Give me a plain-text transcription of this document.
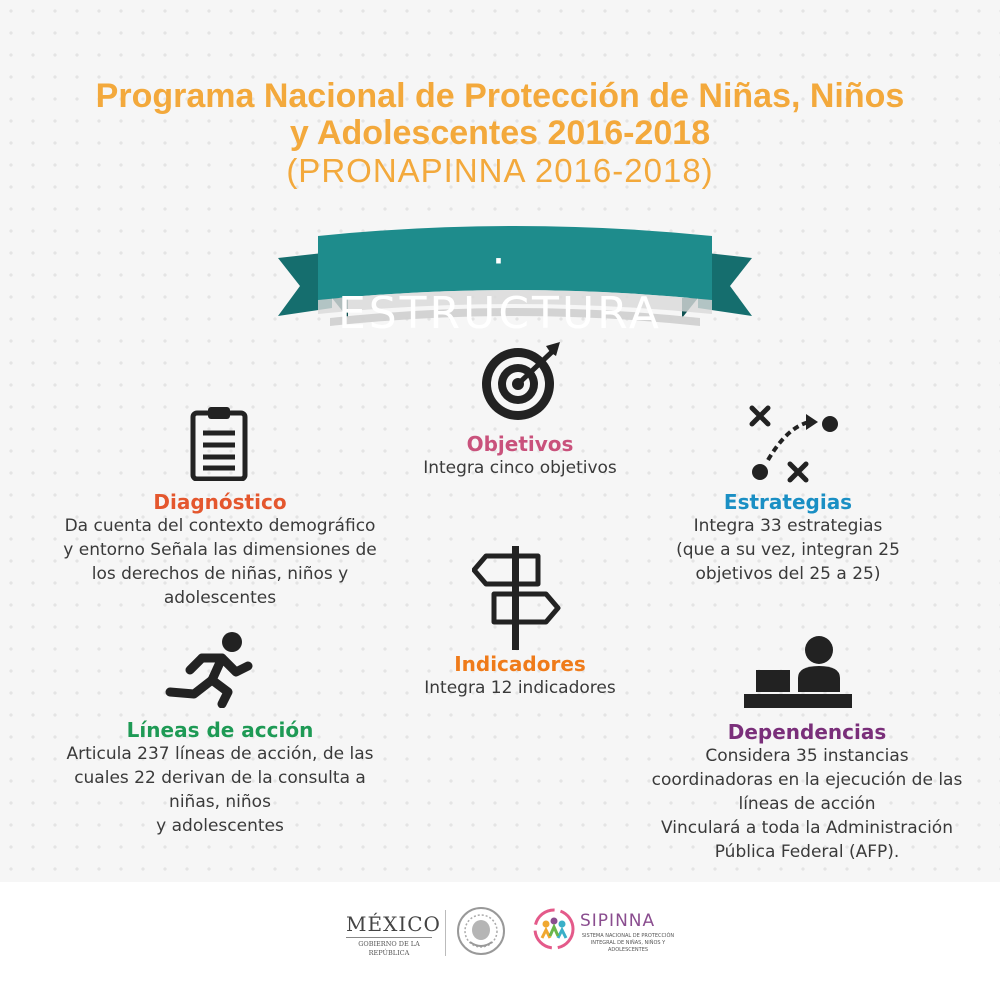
Programa Nacional de Protección de Niñas, Niños
y Adolescentes 2016-2018
(PRONAPINNA 2016-2018)
· ESTRUCTURA
Objetivos
Integra cinco objetivos
Diagnóstico
Da cuenta del contexto demográfico
y entorno Señala las dimensiones de
los derechos de niñas, niños y
adolescentes
Estrategias
Integra 33 estrategias
(que a su vez, integran 25
objetivos del 25 a 25)
Indicadores
Integra 12 indicadores
Líneas de acción
Articula 237 líneas de acción, de las
cuales 22 derivan de la consulta a
niñas, niños
y adolescentes
Dependencias
Considera 35 instancias
coordinadoras en la ejecución de las
líneas de acción
Vinculará a toda la Administración
Pública Federal (AFP).
MÉXICO
GOBIERNO DE LA REPÚBLICA
SIPINNA
SISTEMA NACIONAL DE PROTECCIÓN INTEGRAL DE NIÑAS, NIÑOS Y ADOLESCENTES
